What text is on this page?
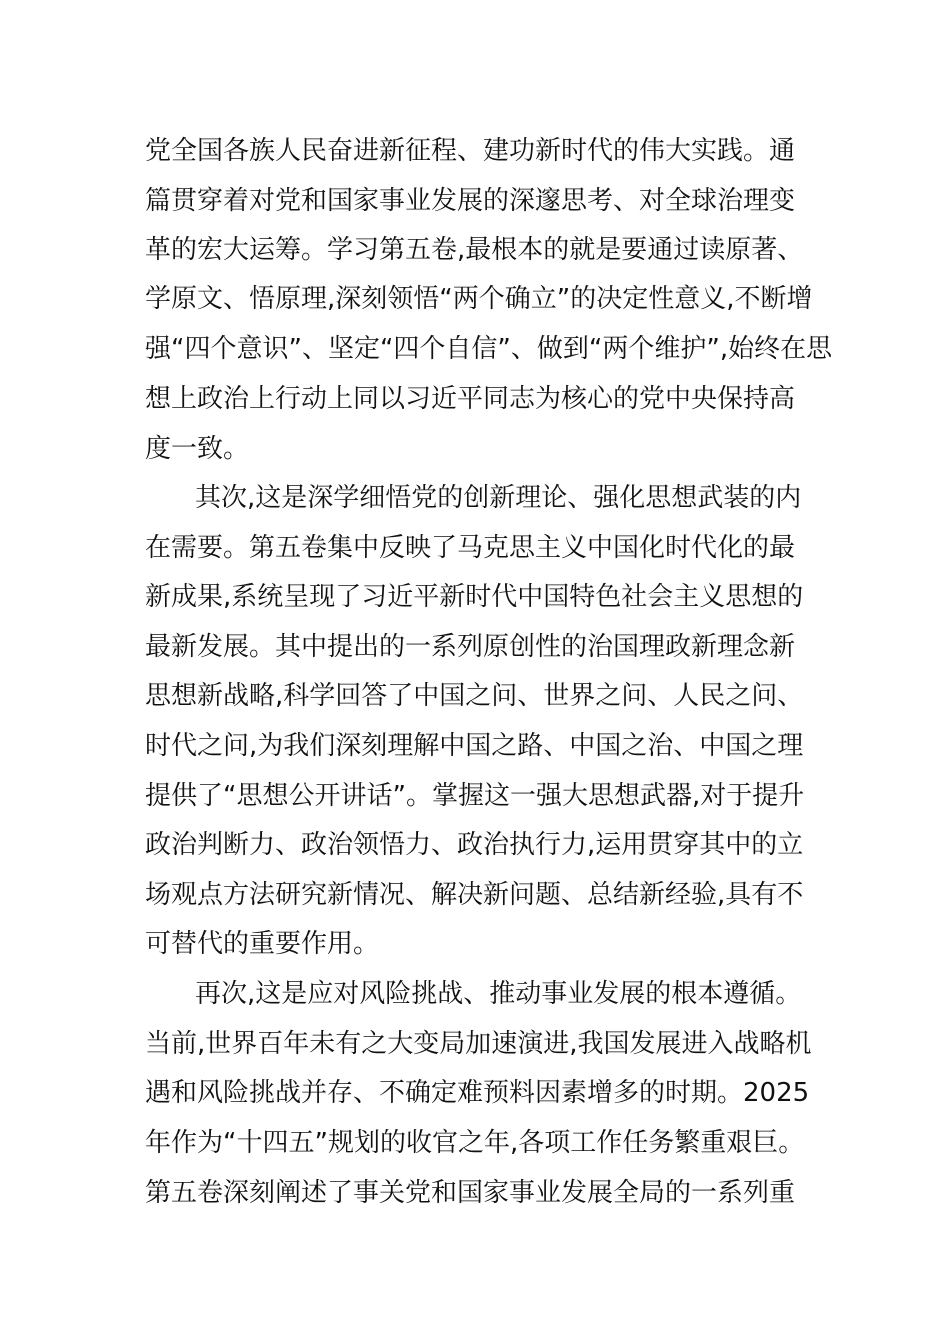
党全国各族人民奋进新征程、建功新时代的伟大实践。通
篇贯穿着对党和国家事业发展的深邃思考、对全球治理变
革的宏大运筹。学习第五卷,最根本的就是要通过读原著、
学原文、悟原理,深刻领悟“两个确立”的决定性意义,不断增
强“四个意识”、坚定“四个自信”、做到“两个维护”,始终在思
想上政治上行动上同以习近平同志为核心的党中央保持高
度一致。
其次,这是深学细悟党的创新理论、强化思想武装的内
在需要。第五卷集中反映了马克思主义中国化时代化的最
新成果,系统呈现了习近平新时代中国特色社会主义思想的
最新发展。其中提出的一系列原创性的治国理政新理念新
思想新战略,科学回答了中国之问、世界之问、人民之问、
时代之问,为我们深刻理解中国之路、中国之治、中国之理
提供了“思想公开讲话”。掌握这一强大思想武器,对于提升
政治判断力、政治领悟力、政治执行力,运用贯穿其中的立
场观点方法研究新情况、解决新问题、总结新经验,具有不
可替代的重要作用。
再次,这是应对风险挑战、推动事业发展的根本遵循。
当前,世界百年未有之大变局加速演进,我国发展进入战略机
遇和风险挑战并存、不确定难预料因素增多的时期。2025
年作为“十四五”规划的收官之年,各项工作任务繁重艰巨。
第五卷深刻阐述了事关党和国家事业发展全局的一系列重
